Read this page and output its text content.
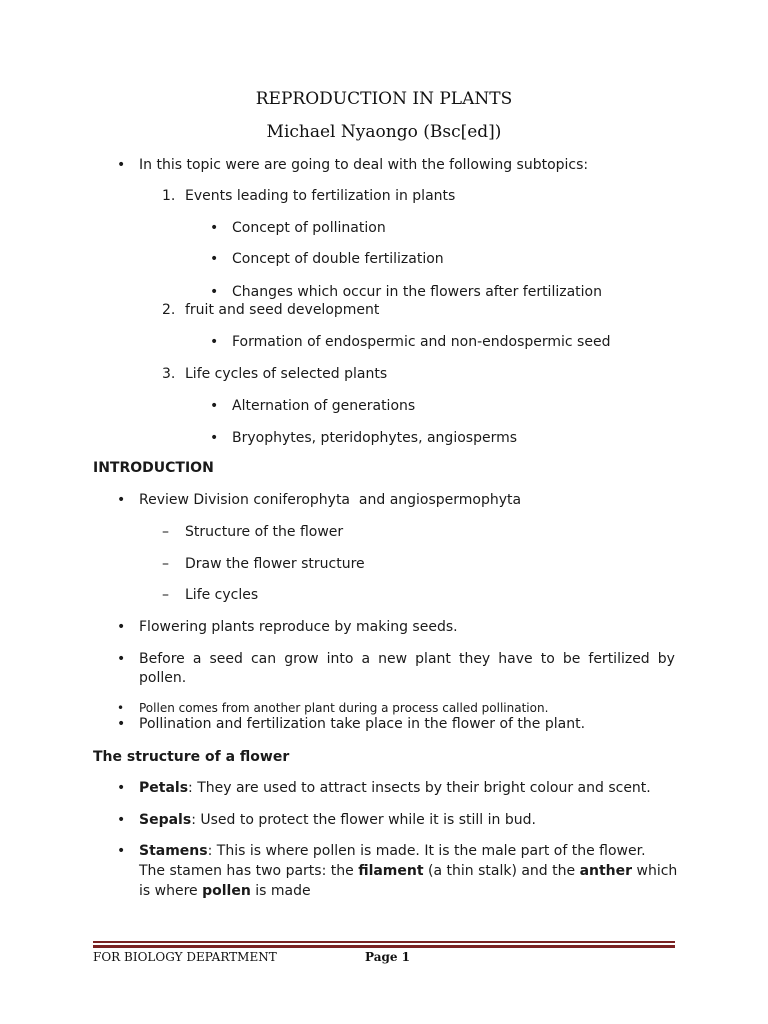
REPRODUCTION IN PLANTS
Michael Nyaongo (Bsc[ed])
• In this topic were are going to deal with the following subtopics:
1. Events leading to fertilization in plants
• Concept of pollination
• Concept of double fertilization
• Changes which occur in the flowers after fertilization
2. fruit and seed development
• Formation of endospermic and non-endospermic seed
3. Life cycles of selected plants
• Alternation of generations
• Bryophytes, pteridophytes, angiosperms
INTRODUCTION
• Review Division coniferophyta  and angiospermophyta
– Structure of the flower
– Draw the flower structure
– Life cycles
• Flowering plants reproduce by making seeds.
• Before a seed can grow into a new plant they have to be fertilized by
pollen.
• Pollen comes from another plant during a process called pollination.
• Pollination and fertilization take place in the flower of the plant.
The structure of a flower
• Petals: They are used to attract insects by their bright colour and scent.
• Sepals: Used to protect the flower while it is still in bud.
• Stamens: This is where pollen is made. It is the male part of the flower.
The stamen has two parts: the filament (a thin stalk) and the anther which
is where pollen is made
FOR BIOLOGY DEPARTMENT	Page 1
